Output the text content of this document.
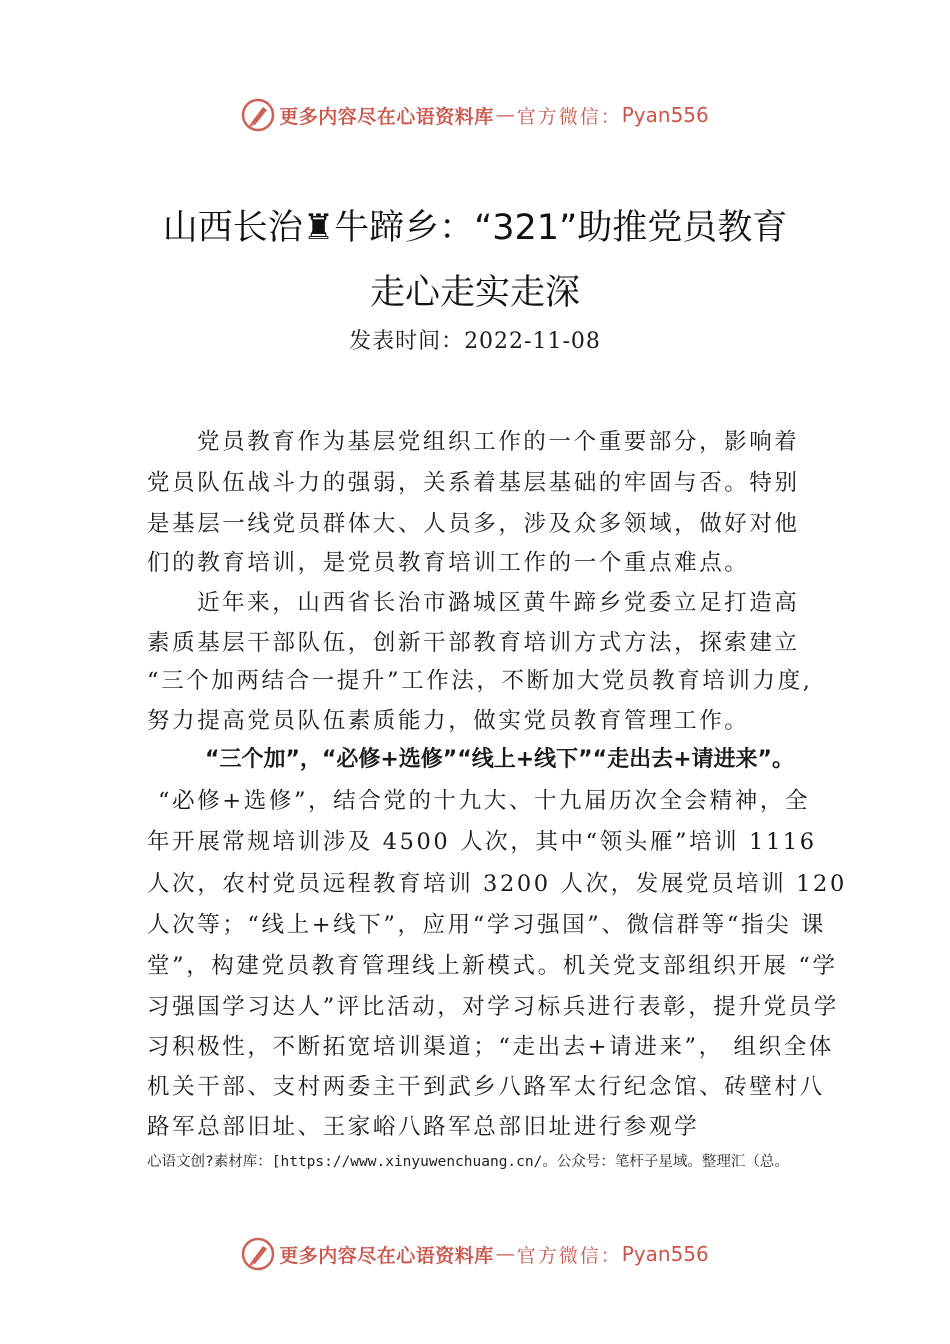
更多内容尽在心语资料库 — 官方微信： Pyan556
山西长治♜牛蹄乡：“321”助推党员教育
走心走实走深
发表时间：2022-11-08
党员教育作为基层党组织工作的一个重要部分，影响着
党员队伍战斗力的强弱，关系着基层基础的牢固与否。特别
是基层一线党员群体大、人员多，涉及众多领域，做好对他
们的教育培训，是党员教育培训工作的一个重点难点。
近年来，山西省长治市潞城区黄牛蹄乡党委立足打造高
素质基层干部队伍，创新干部教育培训方式方法，探索建立
“三个加两结合一提升”工作法，不断加大党员教育培训力度,
努力提高党员队伍素质能力，做实党员教育管理工作。
“三个加”，“必修+选修”“线上+线下”“走出去+请进来”。
“必修+选修”，结合党的十九大、十九届历次全会精神，全
年开展常规培训涉及 4500 人次，其中“领头雁”培训 1116
人次，农村党员远程教育培训 3200 人次，发展党员培训 120
人次等；“线上+线下”，应用“学习强国”、微信群等“指尖 课
堂”，构建党员教育管理线上新模式。机关党支部组织开展 “学
习强国学习达人”评比活动，对学习标兵进行表彰，提升党员学
习积极性，不断拓宽培训渠道；“走出去+请进来”， 组织全体
机关干部、支村两委主干到武乡八路军太行纪念馆、砖壁村八
路军总部旧址、王家峪八路军总部旧址进行参观学
心语文创?素材库：[https://www.xinyuwenchuang.cn/。公众号：笔杆子星域。整理汇（总。
更多内容尽在心语资料库 — 官方微信： Pyan556
